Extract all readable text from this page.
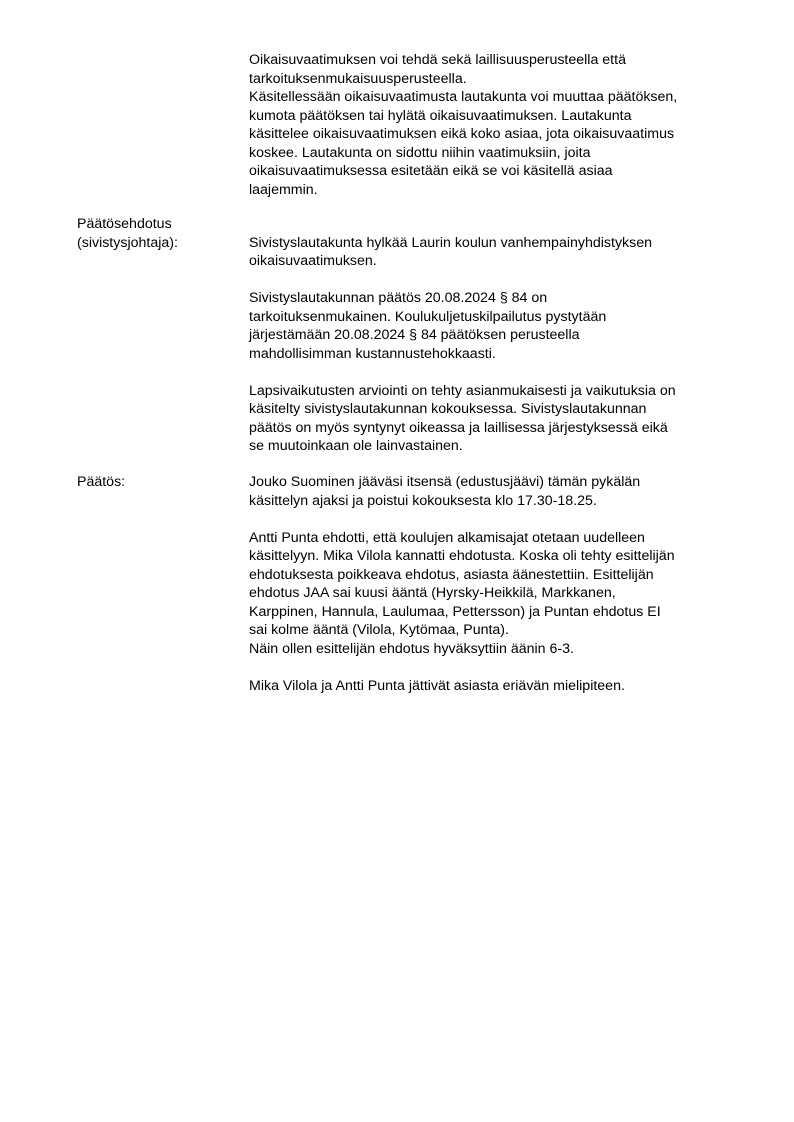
Oikaisuvaatimuksen voi tehdä sekä laillisuusperusteella että
tarkoituksenmukaisuusperusteella.
Käsitellessään oikaisuvaatimusta lautakunta voi muuttaa päätöksen,
kumota päätöksen tai hylätä oikaisuvaatimuksen. Lautakunta
käsittelee oikaisuvaatimuksen eikä koko asiaa, jota oikaisuvaatimus
koskee. Lautakunta on sidottu niihin vaatimuksiin, joita
oikaisuvaatimuksessa esitetään eikä se voi käsitellä asiaa
laajemmin.
Päätösehdotus
(sivistysjohtaja):	Sivistyslautakunta hylkää Laurin koulun vanhempainyhdistyksen
oikaisuvaatimuksen.
Sivistyslautakunnan päätös 20.08.2024 § 84 on
tarkoituksenmukainen. Koulukuljetuskilpailutus pystytään
järjestämään 20.08.2024 § 84 päätöksen perusteella
mahdollisimman kustannustehokkaasti.
Lapsivaikutusten arviointi on tehty asianmukaisesti ja vaikutuksia on
käsitelty sivistyslautakunnan kokouksessa. Sivistyslautakunnan
päätös on myös syntynyt oikeassa ja laillisessa järjestyksessä eikä
se muutoinkaan ole lainvastainen.
Päätös:	Jouko Suominen jääväsi itsensä (edustusjäävi) tämän pykälän
käsittelyn ajaksi ja poistui kokouksesta klo 17.30-18.25.
Antti Punta ehdotti, että koulujen alkamisajat otetaan uudelleen
käsittelyyn. Mika Vilola kannatti ehdotusta. Koska oli tehty esittelijän
ehdotuksesta poikkeava ehdotus, asiasta äänestettiin. Esittelijän
ehdotus JAA sai kuusi ääntä (Hyrsky-Heikkilä, Markkanen,
Karppinen, Hannula, Laulumaa, Pettersson) ja Puntan ehdotus EI
sai kolme ääntä (Vilola, Kytömaa, Punta).
Näin ollen esittelijän ehdotus hyväksyttiin äänin 6-3.
Mika Vilola ja Antti Punta jättivät asiasta eriävän mielipiteen.
